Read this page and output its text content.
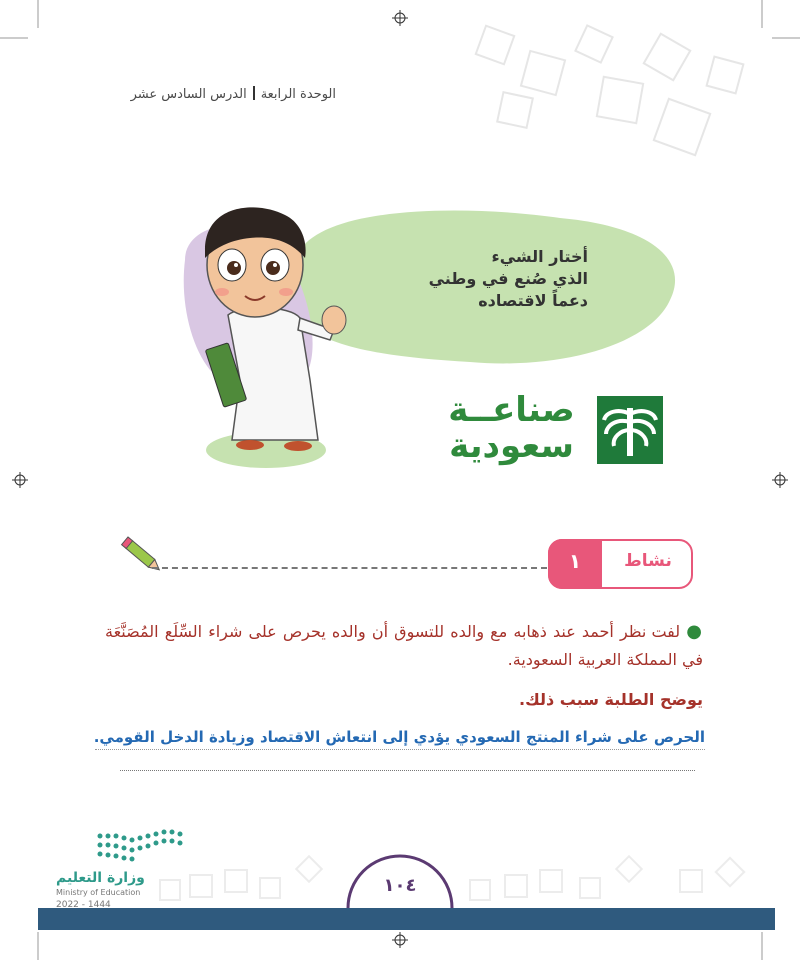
الوحدة الرابعةالدرس السادس عشر
أختار الشيء
الذي صُنع في وطني
دعماً لاقتصاده
صناعــة
سعودية
١	نشاط
● لفت نظر أحمد عند ذهابه مع والده للتسوق أن والده يحرص على شراء السِّلَع المُصَنَّعَة في المملكة العربية السعودية.
يوضح الطلبة سبب ذلك.
الحرص على شراء المنتج السعودي يؤدي إلى انتعاش الاقتصاد وزيادة الدخل القومي.
وزارة التعليم
Ministry of Education
2022 - 1444
١٠٤
